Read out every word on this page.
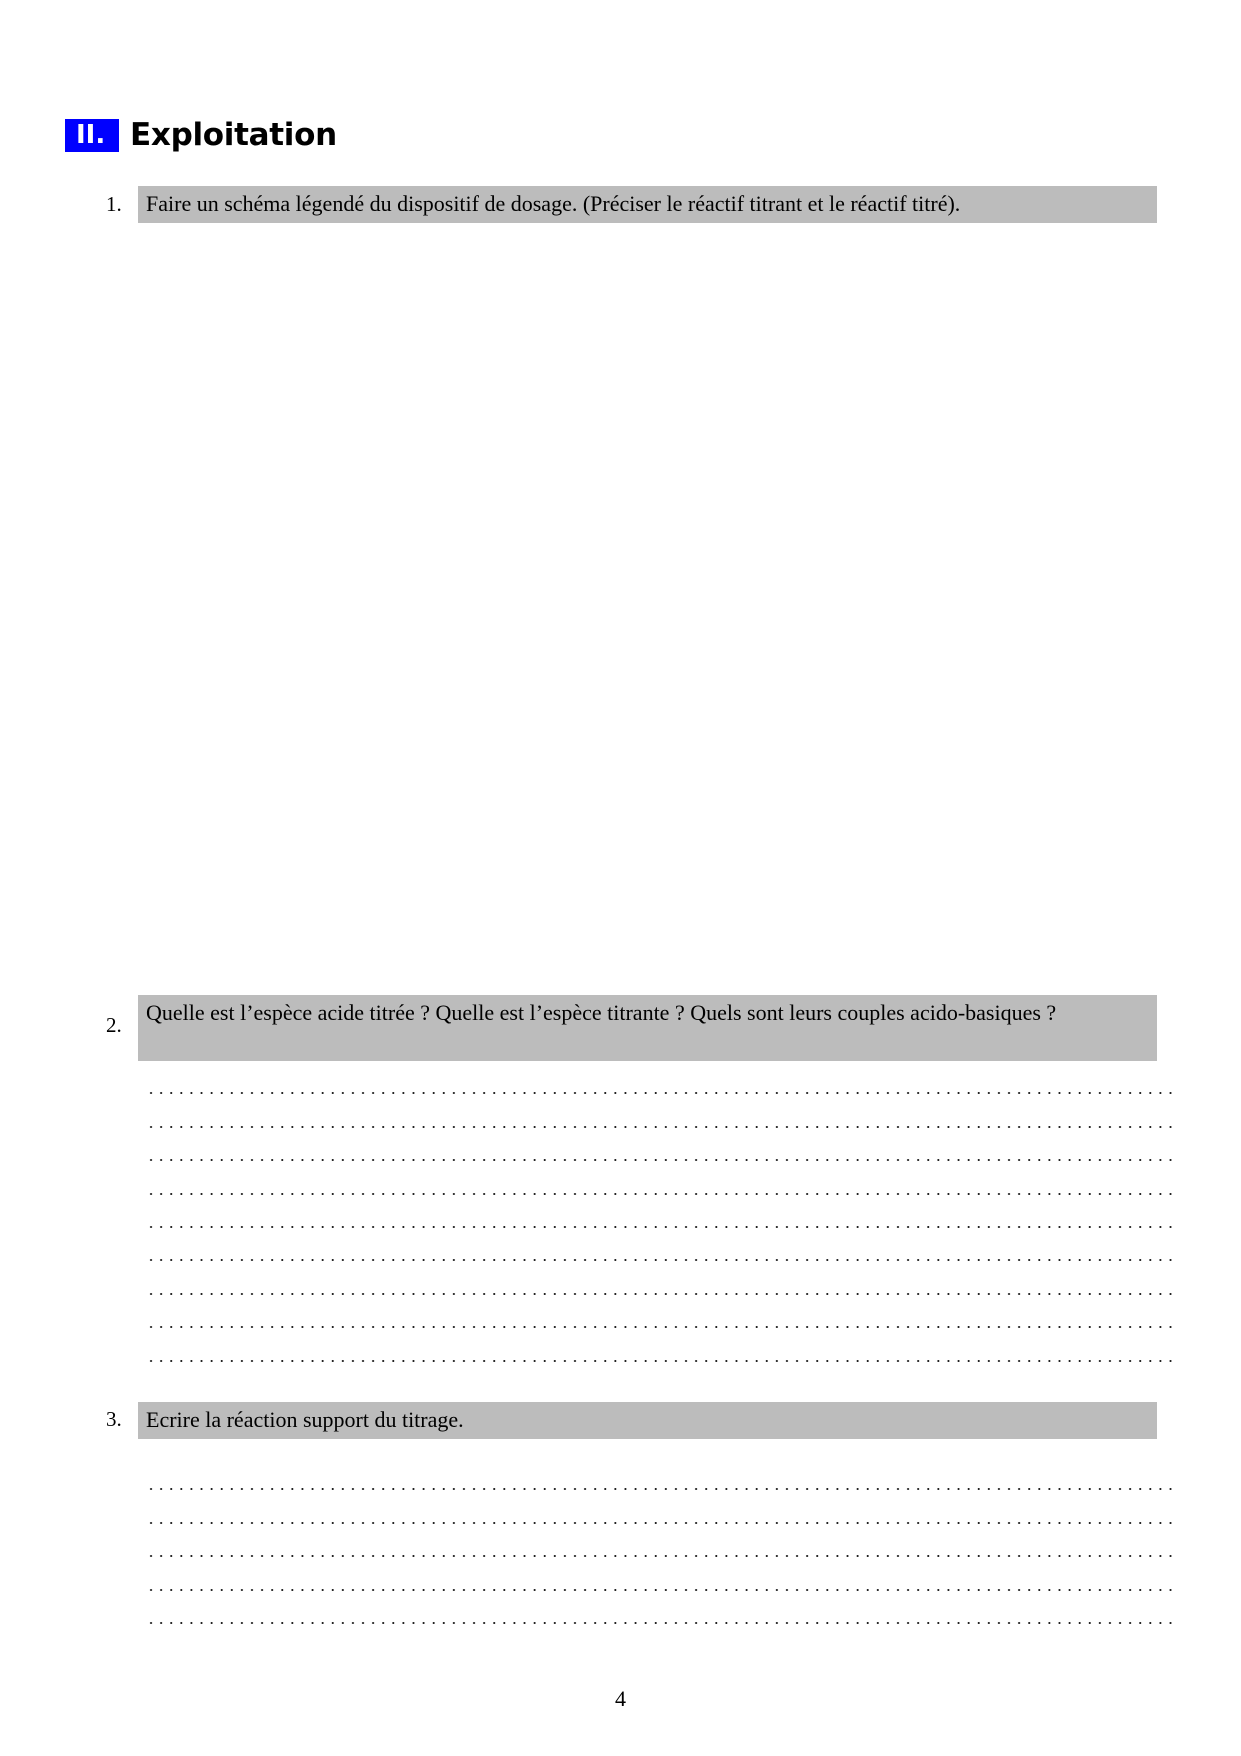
II. Exploitation
1.	Faire un schéma légendé du dispositif de dosage. (Préciser le réactif titrant et le réactif titré).
2.	Quelle est l’espèce acide titrée ? Quelle est l’espèce titrante ? Quels sont leurs couples acido-basiques ?
3.	Ecrire la réaction support du titrage.
4
